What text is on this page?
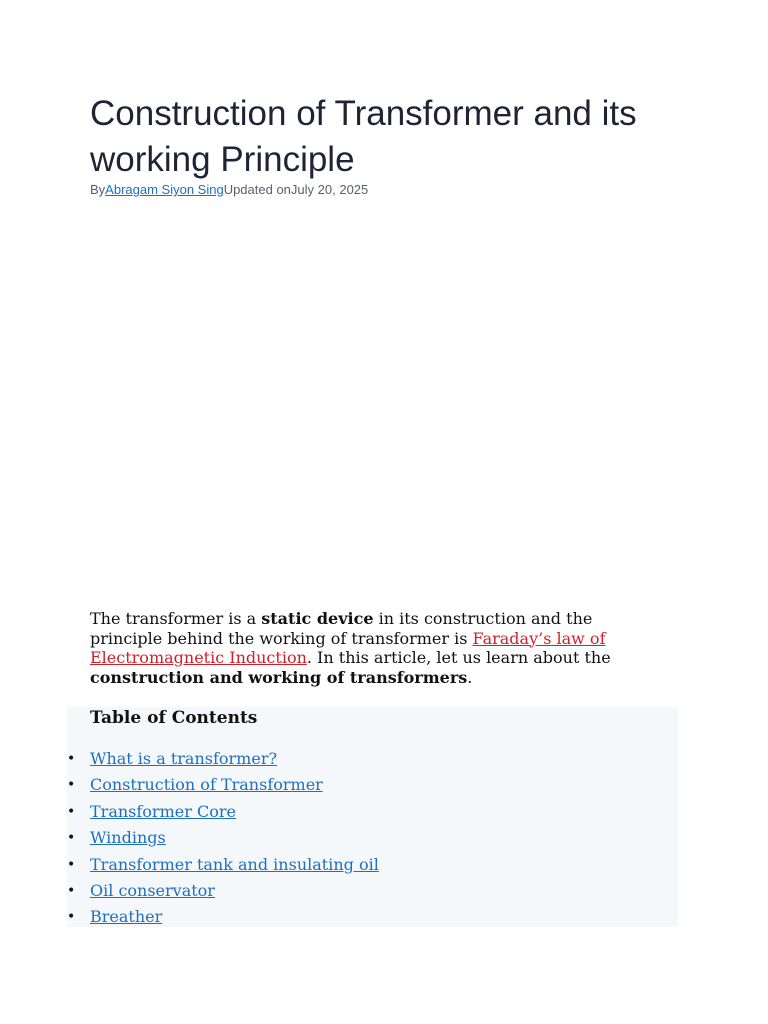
Construction of Transformer and its working Principle
ByAbragam Siyon SingUpdated onJuly 20, 2025

The transformer is a static device in its construction and the principle behind the working of transformer is Faraday’s law of Electromagnetic Induction. In this article, let us learn about the construction and working of transformers.

Table of Contents

• What is a transformer?
• Construction of Transformer
• Transformer Core
• Windings
• Transformer tank and insulating oil
• Oil conservator
• Breather
